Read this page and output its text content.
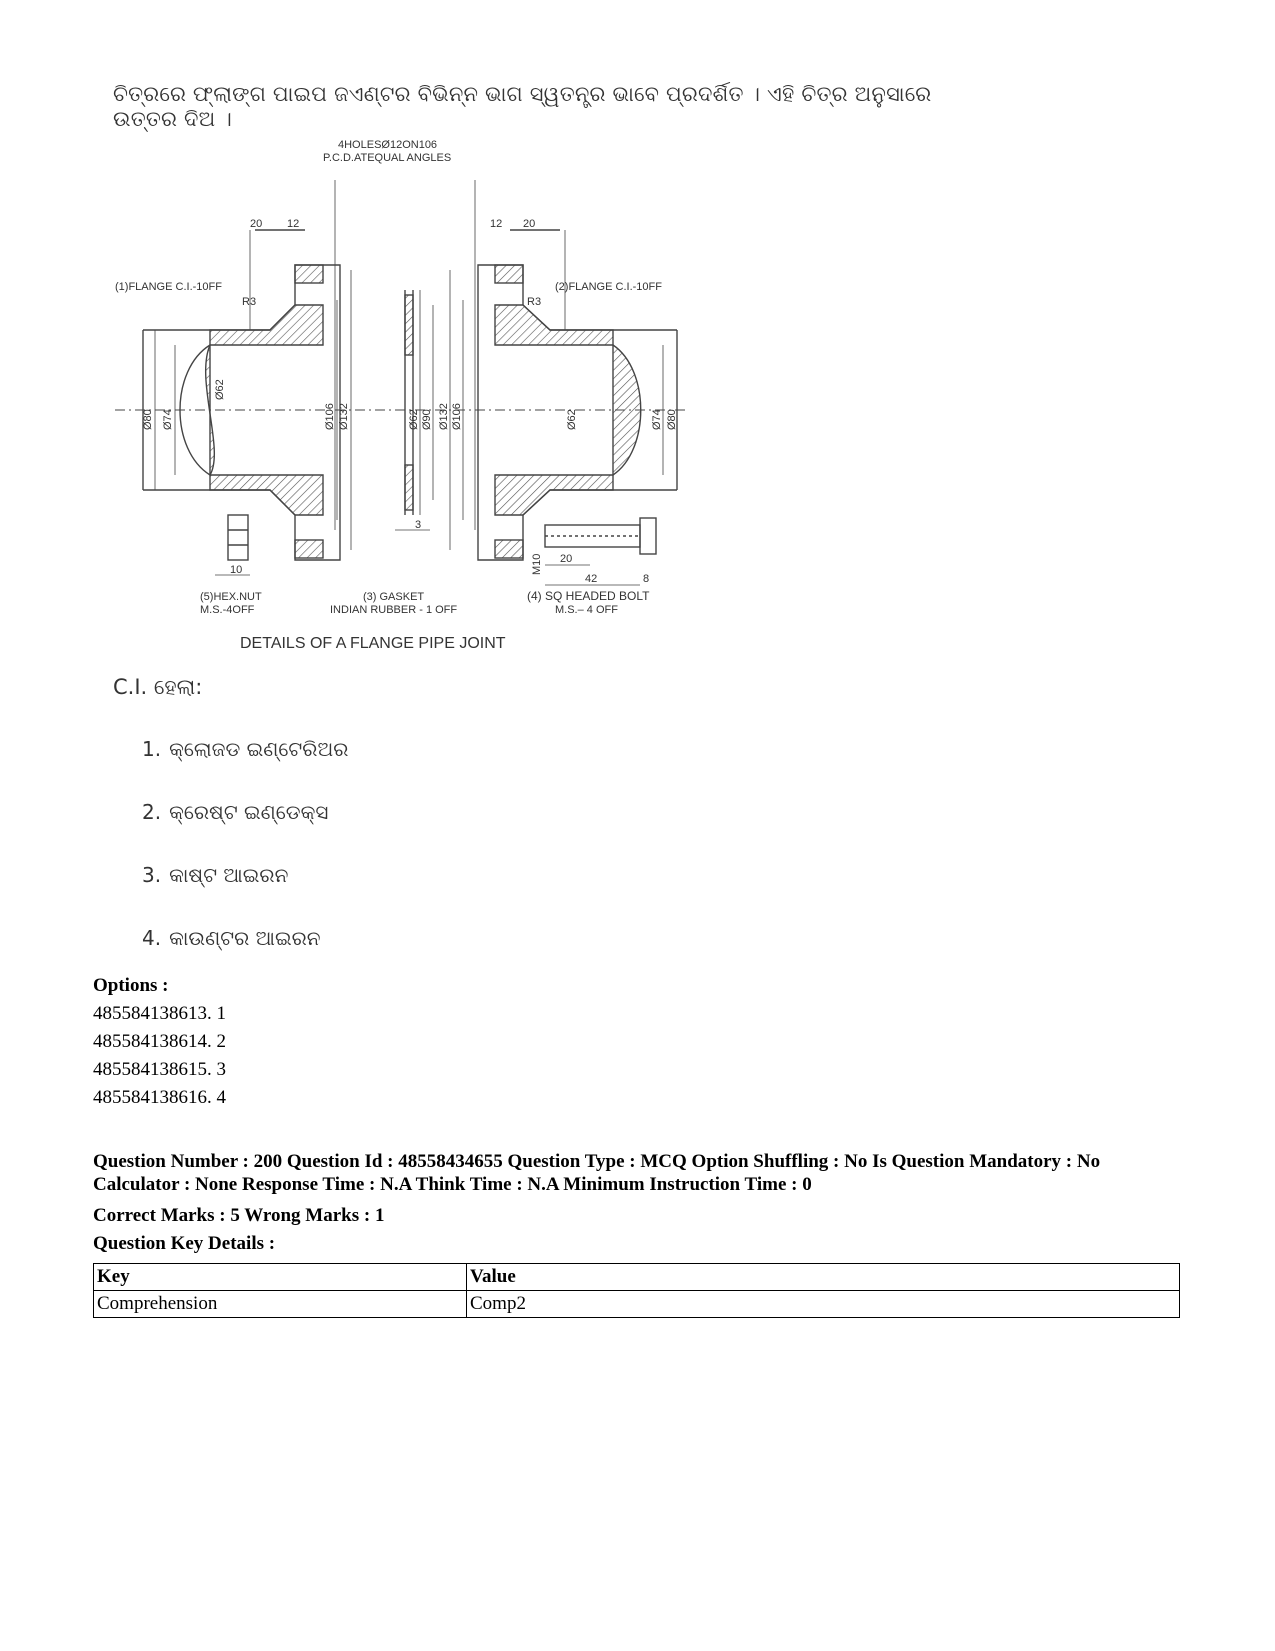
ଚିତ୍ରରେ ଫ୍ଲାଙ୍ଗ ପାଇପ ଜଏଣ୍ଟର ବିଭିନ୍ନ ଭାଗ ସ୍ୱତନ୍ତ୍ର ଭାବେ ପ୍ରଦର୍ଶିତ । ଏହି ଚିତ୍ର ଅନୁସାରେ ଉତ୍ତର ଦିଅ ।
4HOLESØ12ON106
P.C.D.ATEQUAL ANGLES
20 12	12 20
(1)FLANGE C.I.-10FF	(2)FLANGE C.I.-10FF
R3	R3
Ø80 Ø74
Ø62
Ø106 Ø132	Ø62 Ø90 Ø132 Ø106	Ø62	Ø74 Ø80
3
10	M10 20
42	8
(5)HEX.NUT
M.S.-4OFF
(3) GASKET
INDIAN RUBBER - 1 OFF
(4) SQ HEADED BOLT
M.S.– 4 OFF
DETAILS OF A FLANGE PIPE JOINT
C.I. ହେଲା:
1. କ୍ଲୋଜଡ ଇଣ୍ଟେରିଅର
2. କ୍ରେଷ୍ଟ ଇଣ୍ଡେକ୍ସ
3. କାଷ୍ଟ ଆଇରନ
4. କାଉଣ୍ଟର ଆଇରନ
Options :
485584138613. 1
485584138614. 2
485584138615. 3
485584138616. 4
Question Number : 200 Question Id : 48558434655 Question Type : MCQ Option Shuffling : No Is Question Mandatory : No Calculator : None Response Time : N.A Think Time : N.A Minimum Instruction Time : 0
Correct Marks : 5 Wrong Marks : 1
Question Key Details :
Key	Value
Comprehension	Comp2
